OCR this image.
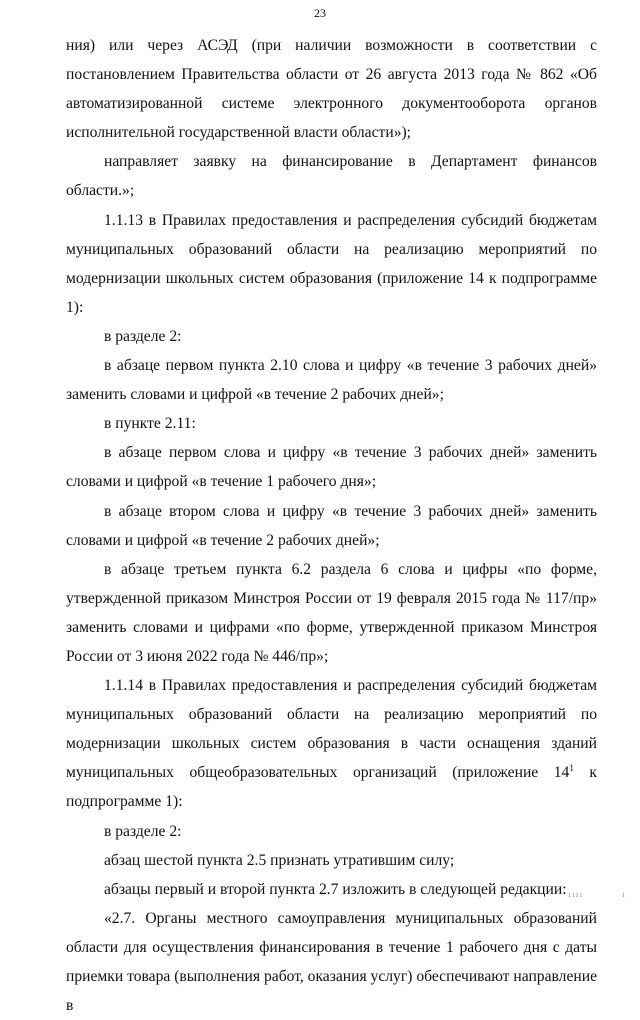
23

ния) или через АСЭД (при наличии возможности в соответствии с постановлением Правительства области от 26 августа 2013 года № 862 «Об автоматизированной системе электронного документооборота органов исполнительной государственной власти области»);

направляет заявку на финансирование в Департамент финансов области.»;

1.1.13 в Правилах предоставления и распределения субсидий бюджетам муниципальных образований области на реализацию мероприятий по модернизации школьных систем образования (приложение 14 к подпрограмме 1):

в разделе 2:

в абзаце первом пункта 2.10 слова и цифру «в течение 3 рабочих дней» заменить словами и цифрой «в течение 2 рабочих дней»;

в пункте 2.11:

в абзаце первом слова и цифру «в течение 3 рабочих дней» заменить словами и цифрой «в течение 1 рабочего дня»;

в абзаце втором слова и цифру «в течение 3 рабочих дней» заменить словами и цифрой «в течение 2 рабочих дней»;

в абзаце третьем пункта 6.2 раздела 6 слова и цифры «по форме, утвержденной приказом Минстроя России от 19 февраля 2015 года № 117/пр» заменить словами и цифрами «по форме, утвержденной приказом Минстроя России от 3 июня 2022 года № 446/пр»;

1.1.14 в Правилах предоставления и распределения субсидий бюджетам муниципальных образований области на реализацию мероприятий по модернизации школьных систем образования в части оснащения зданий муниципальных общеобразовательных организаций (приложение $14^1$ к подпрограмме 1):

в разделе 2:

абзац шестой пункта 2.5 признать утратившим силу;

абзацы первый и второй пункта 2.7 изложить в следующей редакции:

«2.7. Органы местного самоуправления муниципальных образований области для осуществления финансирования в течение 1 рабочего дня с даты приемки товара (выполнения работ, оказания услуг) обеспечивают направление в

1111	1
